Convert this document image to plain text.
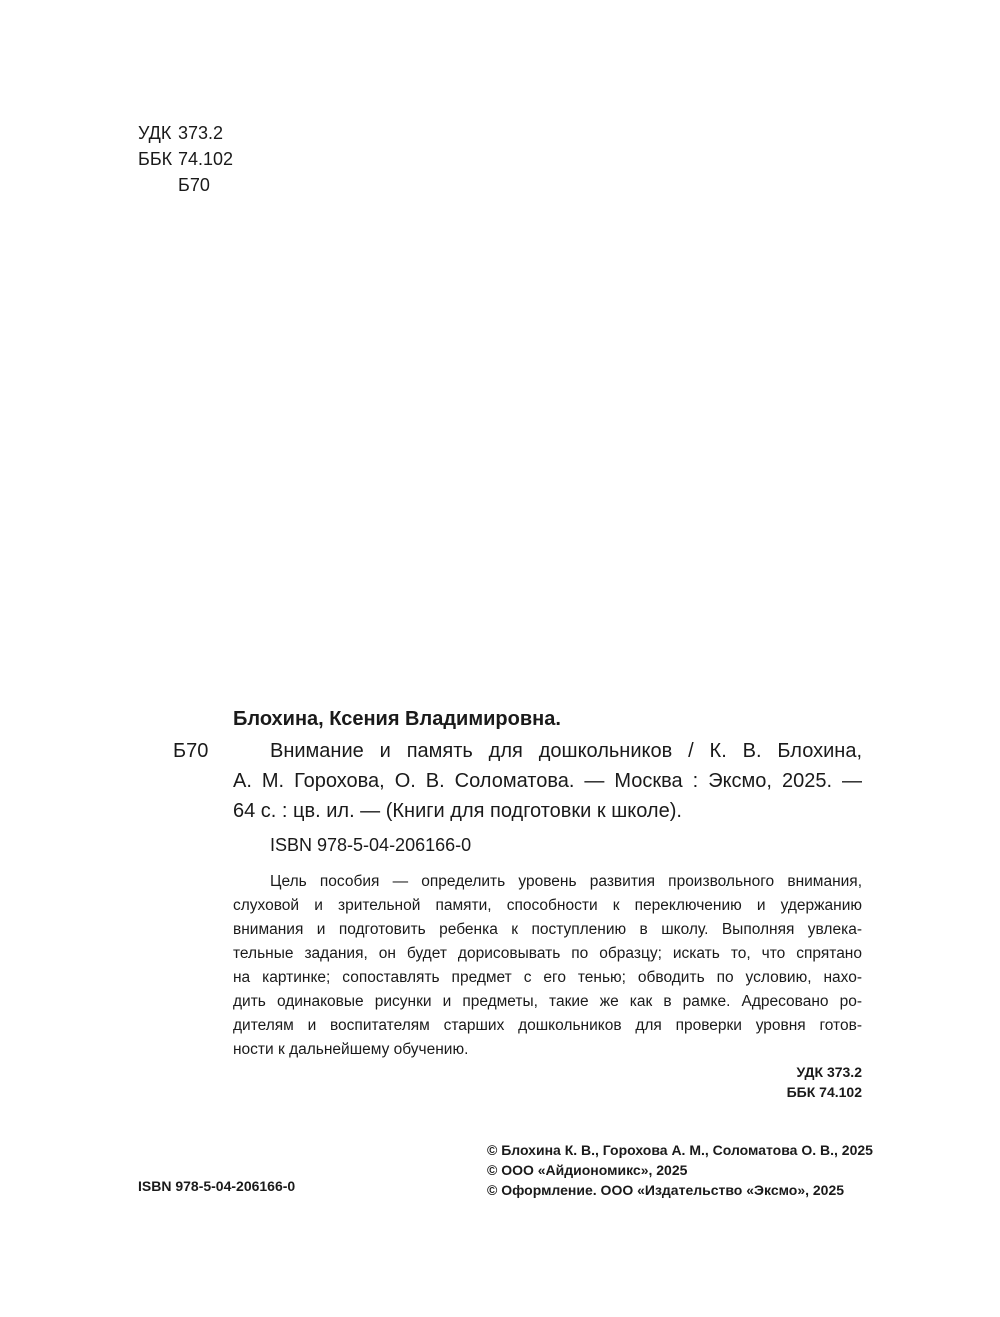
УДК 373.2
ББК 74.102
Б70
Блохина, Ксения Владимировна.
Б70	Внимание и память для дошкольников / К. В. Блохина,
А. М. Горохова, О. В. Соломатова. — Москва : Эксмо, 2025. —
64 с. : цв. ил. — (Книги для подготовки к школе).
ISBN 978-5-04-206166-0
Цель пособия — определить уровень развития произвольного внимания,
слуховой и зрительной памяти, способности к переключению и удержанию
внимания и подготовить ребенка к поступлению в школу. Выполняя увлека-
тельные задания, он будет дорисовывать по образцу; искать то, что спрятано
на картинке; сопоставлять предмет с его тенью; обводить по условию, нахо-
дить одинаковые рисунки и предметы, такие же как в рамке. Адресовано ро-
дителям и воспитателям старших дошкольников для проверки уровня готов-
ности к дальнейшему обучению.
УДК 373.2
ББК 74.102
© Блохина К. В., Горохова А. М., Соломатова О. В., 2025
© ООО «Айдиономикс», 2025
© Оформление. ООО «Издательство «Эксмо», 2025
ISBN 978-5-04-206166-0
